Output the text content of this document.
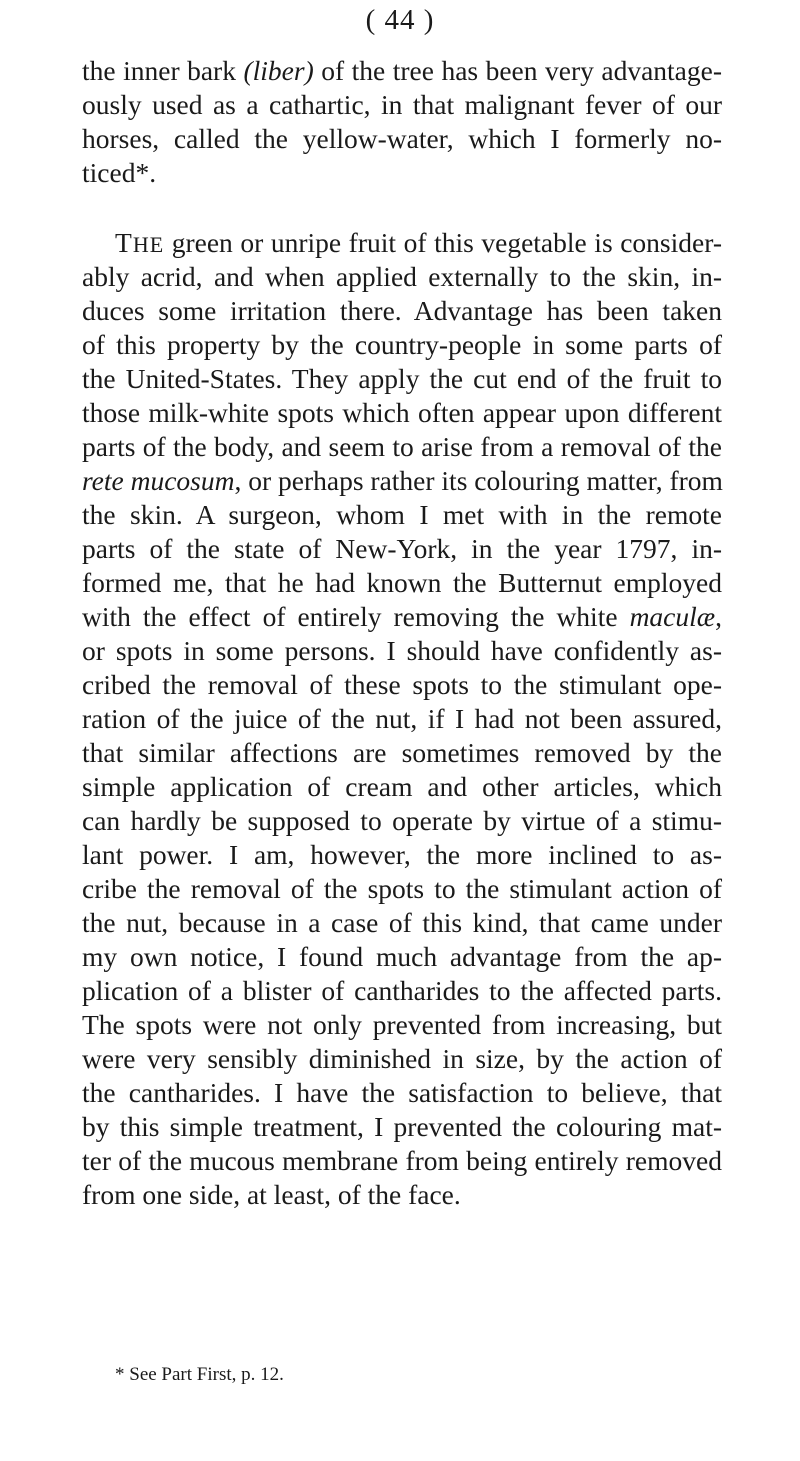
( 44 )
the inner bark (liber) of the tree has been very advantage-
ously used as a cathartic, in that malignant fever of our
horses, called the yellow-water, which I formerly no-
ticed*.
THE green or unripe fruit of this vegetable is consider-
ably acrid, and when applied externally to the skin, in-
duces some irritation there. Advantage has been taken
of this property by the country-people in some parts of
the United-States. They apply the cut end of the fruit to
those milk-white spots which often appear upon different
parts of the body, and seem to arise from a removal of the
rete mucosum, or perhaps rather its colouring matter, from
the skin. A surgeon, whom I met with in the remote
parts of the state of New-York, in the year 1797, in-
formed me, that he had known the Butternut employed
with the effect of entirely removing the white maculæ,
or spots in some persons. I should have confidently as-
cribed the removal of these spots to the stimulant ope-
ration of the juice of the nut, if I had not been assured,
that similar affections are sometimes removed by the
simple application of cream and other articles, which
can hardly be supposed to operate by virtue of a stimu-
lant power. I am, however, the more inclined to as-
cribe the removal of the spots to the stimulant action of
the nut, because in a case of this kind, that came under
my own notice, I found much advantage from the ap-
plication of a blister of cantharides to the affected parts.
The spots were not only prevented from increasing, but
were very sensibly diminished in size, by the action of
the cantharides. I have the satisfaction to believe, that
by this simple treatment, I prevented the colouring mat-
ter of the mucous membrane from being entirely removed
from one side, at least, of the face.
* See Part First, p. 12.
